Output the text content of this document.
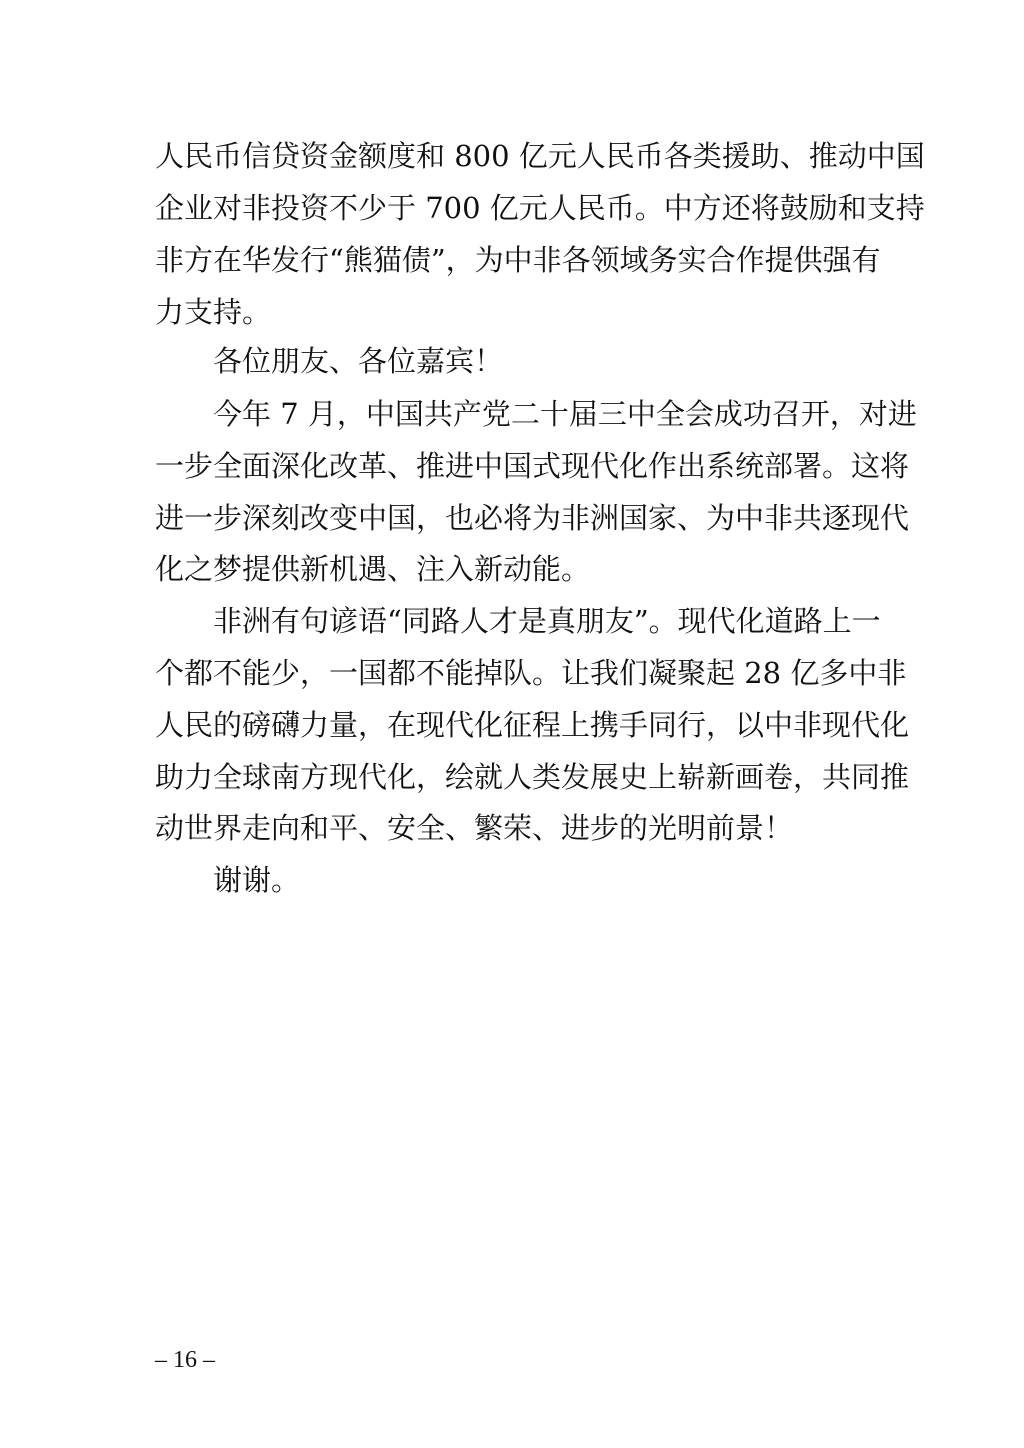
人民币信贷资金额度和 800 亿元人民币各类援助、推动中国
企业对非投资不少于 700 亿元人民币。中方还将鼓励和支持
非方在华发行“熊猫债”，为中非各领域务实合作提供强有
力支持。
各位朋友、各位嘉宾！
今年 7 月，中国共产党二十届三中全会成功召开，对进
一步全面深化改革、推进中国式现代化作出系统部署。这将
进一步深刻改变中国，也必将为非洲国家、为中非共逐现代
化之梦提供新机遇、注入新动能。
非洲有句谚语“同路人才是真朋友”。现代化道路上一
个都不能少，一国都不能掉队。让我们凝聚起 28 亿多中非
人民的磅礴力量，在现代化征程上携手同行，以中非现代化
助力全球南方现代化，绘就人类发展史上崭新画卷，共同推
动世界走向和平、安全、繁荣、进步的光明前景！
谢谢。
– 16 –
